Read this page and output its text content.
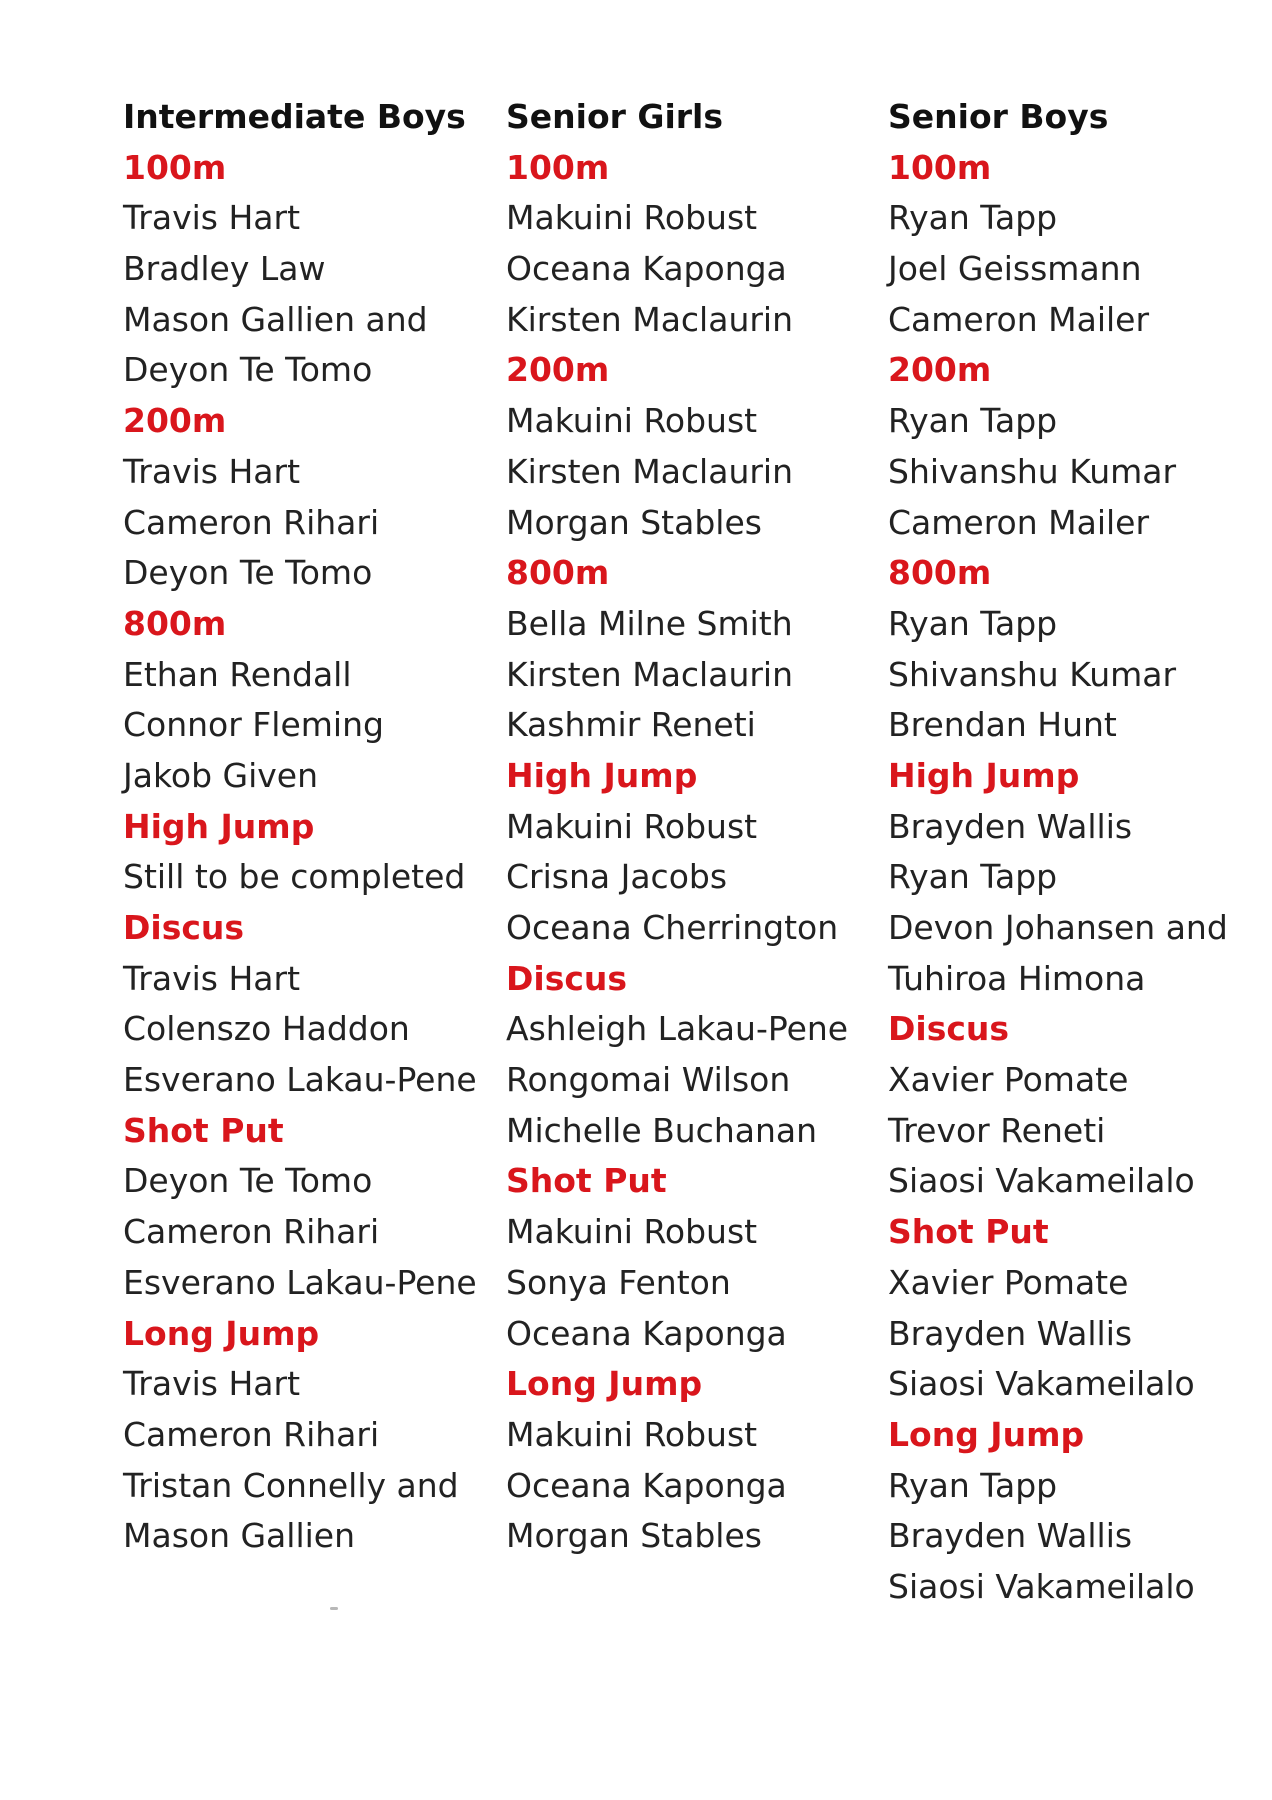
Intermediate Boys
100m
Travis Hart
Bradley Law
Mason Gallien and
Deyon Te Tomo
200m
Travis Hart
Cameron Rihari
Deyon Te Tomo
800m
Ethan Rendall
Connor Fleming
Jakob Given
High Jump
Still to be completed
Discus
Travis Hart
Colenszo Haddon
Esverano Lakau-Pene
Shot Put
Deyon Te Tomo
Cameron Rihari
Esverano Lakau-Pene
Long Jump
Travis Hart
Cameron Rihari
Tristan Connelly and
Mason Gallien
Senior Girls
100m
Makuini Robust
Oceana Kaponga
Kirsten Maclaurin
200m
Makuini Robust
Kirsten Maclaurin
Morgan Stables
800m
Bella Milne Smith
Kirsten Maclaurin
Kashmir Reneti
High Jump
Makuini Robust
Crisna Jacobs
Oceana Cherrington
Discus
Ashleigh Lakau-Pene
Rongomai Wilson
Michelle Buchanan
Shot Put
Makuini Robust
Sonya Fenton
Oceana Kaponga
Long Jump
Makuini Robust
Oceana Kaponga
Morgan Stables
Senior Boys
100m
Ryan Tapp
Joel Geissmann
Cameron Mailer
200m
Ryan Tapp
Shivanshu Kumar
Cameron Mailer
800m
Ryan Tapp
Shivanshu Kumar
Brendan Hunt
High Jump
Brayden Wallis
Ryan Tapp
Devon Johansen and
Tuhiroa Himona
Discus
Xavier Pomate
Trevor Reneti
Siaosi Vakameilalo
Shot Put
Xavier Pomate
Brayden Wallis
Siaosi Vakameilalo
Long Jump
Ryan Tapp
Brayden Wallis
Siaosi Vakameilalo
